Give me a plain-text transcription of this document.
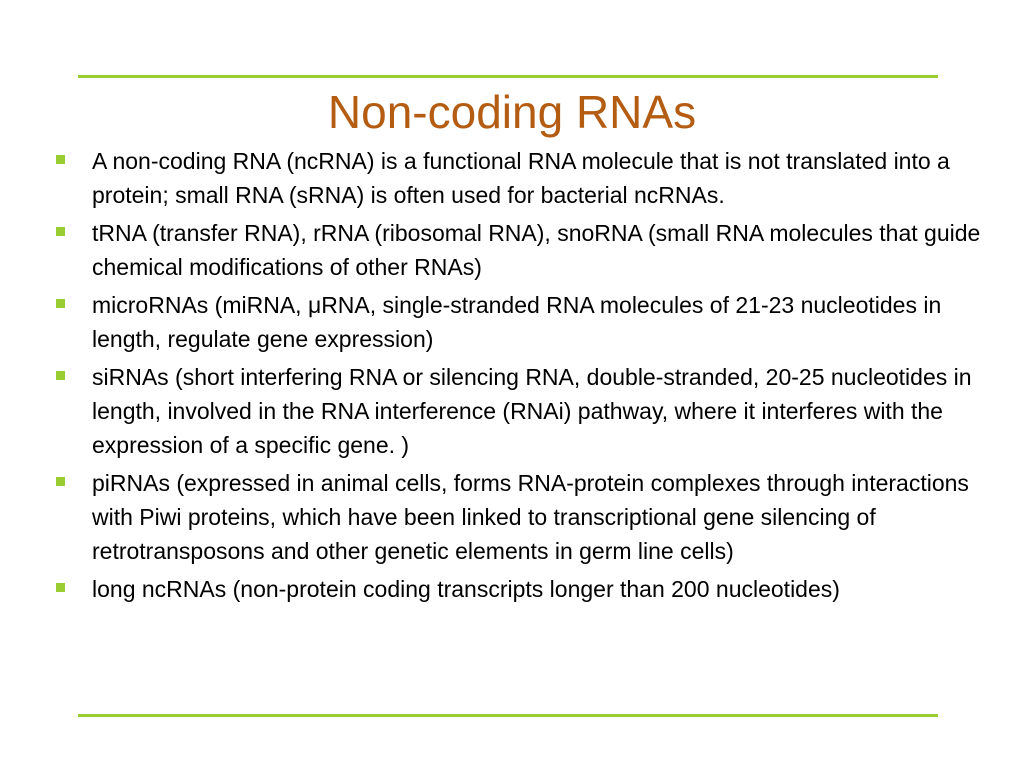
Non-coding RNAs
A non-coding RNA (ncRNA) is a functional RNA molecule that is not translated into a protein; small RNA (sRNA) is often used for bacterial ncRNAs.
tRNA (transfer RNA), rRNA (ribosomal RNA), snoRNA (small RNA molecules that guide chemical modifications of other RNAs)
microRNAs (miRNA, μRNA, single-stranded RNA molecules of 21-23 nucleotides in length, regulate gene expression)
siRNAs (short interfering RNA or silencing RNA, double-stranded, 20-25 nucleotides in length, involved in the RNA interference (RNAi) pathway, where it interferes with the expression of a specific gene. )
piRNAs (expressed in animal cells, forms RNA-protein complexes through interactions with Piwi proteins, which have been linked to transcriptional gene silencing of retrotransposons and other genetic elements in germ line cells)
long ncRNAs (non-protein coding transcripts longer than 200 nucleotides)
